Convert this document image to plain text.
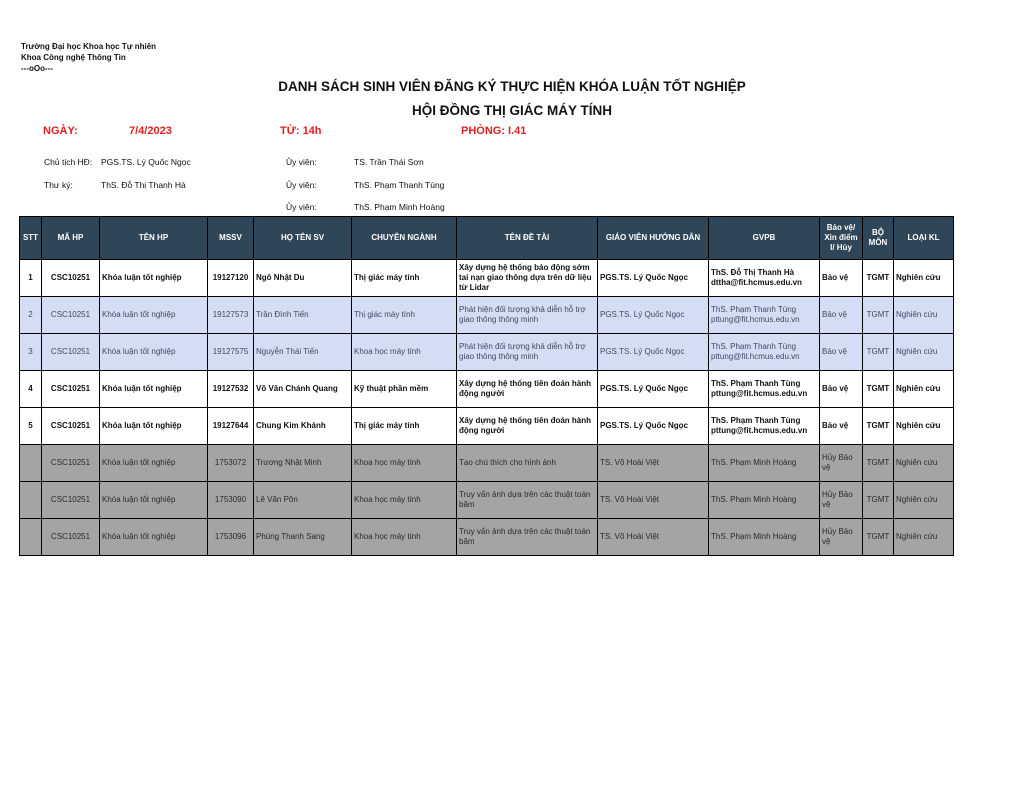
Trường Đại học Khoa học Tự nhiên
Khoa Công nghệ Thông Tin
---oOo---
DANH SÁCH SINH VIÊN ĐĂNG KÝ THỰC HIỆN KHÓA LUẬN TỐT NGHIỆP
HỘI ĐỒNG THỊ GIÁC MÁY TÍNH
NGÀY:	7/4/2023	TỪ: 14h	PHÒNG: I.41
Chủ tịch HĐ: PGS.TS. Lý Quốc Ngọc
Thư ký:	ThS. Đỗ Thị Thanh Hà
Ủy viên:	TS. Trần Thái Sơn
Ủy viên:	ThS. Phạm Thanh Tùng
Ủy viên:	ThS. Phạm Minh Hoàng
STT	MÃ HP	TÊN HP	MSSV	HỌ TÊN SV	CHUYÊN NGÀNH	TÊN ĐỀ TÀI	GIÁO VIÊN HƯỚNG DẪN	GVPB	Bảo vệ/ Xin điểm I/ Hủy	BỘ MÔN	LOẠI KL
1	CSC10251	Khóa luận tốt nghiệp	19127120	Ngô Nhật Du	Thị giác máy tính	Xây dựng hệ thống báo động sớm tai nạn giao thông dựa trên dữ liệu từ Lidar	PGS.TS. Lý Quốc Ngọc	ThS. Đỗ Thị Thanh Hà dttha@fit.hcmus.edu.vn	Bảo vệ	TGMT	Nghiên cứu
2	CSC10251	Khóa luận tốt nghiệp	19127573	Trần Đình Tiến	Thị giác máy tính	Phát hiện đối tượng khả diễn hỗ trợ giao thông thông minh	PGS.TS. Lý Quốc Ngọc	ThS. Phạm Thanh Tùng pttung@fit.hcmus.edu.vn	Bảo vệ	TGMT	Nghiên cứu
3	CSC10251	Khóa luận tốt nghiệp	19127575	Nguyễn Thái Tiến	Khoa học máy tính	Phát hiện đối tượng khả diễn hỗ trợ giao thông thông minh	PGS.TS. Lý Quốc Ngọc	ThS. Phạm Thanh Tùng pttung@fit.hcmus.edu.vn	Bảo vệ	TGMT	Nghiên cứu
4	CSC10251	Khóa luận tốt nghiệp	19127532	Võ Văn Chánh Quang	Kỹ thuật phần mềm	Xây dựng hệ thống tiên đoán hành động người	PGS.TS. Lý Quốc Ngọc	ThS. Phạm Thanh Tùng pttung@fit.hcmus.edu.vn	Bảo vệ	TGMT	Nghiên cứu
5	CSC10251	Khóa luận tốt nghiệp	19127644	Chung Kim Khánh	Thị giác máy tính	Xây dựng hệ thống tiên đoán hành động người	PGS.TS. Lý Quốc Ngọc	ThS. Phạm Thanh Tùng pttung@fit.hcmus.edu.vn	Bảo vệ	TGMT	Nghiên cứu
	CSC10251	Khóa luận tốt nghiệp	1753072	Trương Nhật Minh	Khoa học máy tính	Tạo chú thích cho hình ảnh	TS. Võ Hoài Việt	ThS. Phạm Minh Hoàng	Hủy Bảo vệ	TGMT	Nghiên cứu
	CSC10251	Khóa luận tốt nghiệp	1753090	Lê Văn Pôn	Khoa học máy tính	Truy vấn ảnh dựa trên các thuật toán băm	TS. Võ Hoài Việt	ThS. Phạm Minh Hoàng	Hủy Bảo vệ	TGMT	Nghiên cứu
	CSC10251	Khóa luận tốt nghiệp	1753096	Phùng Thanh Sang	Khoa học máy tính	Truy vấn ảnh dựa trên các thuật toán băm	TS. Võ Hoài Việt	ThS. Phạm Minh Hoàng	Hủy Bảo vệ	TGMT	Nghiên cứu
